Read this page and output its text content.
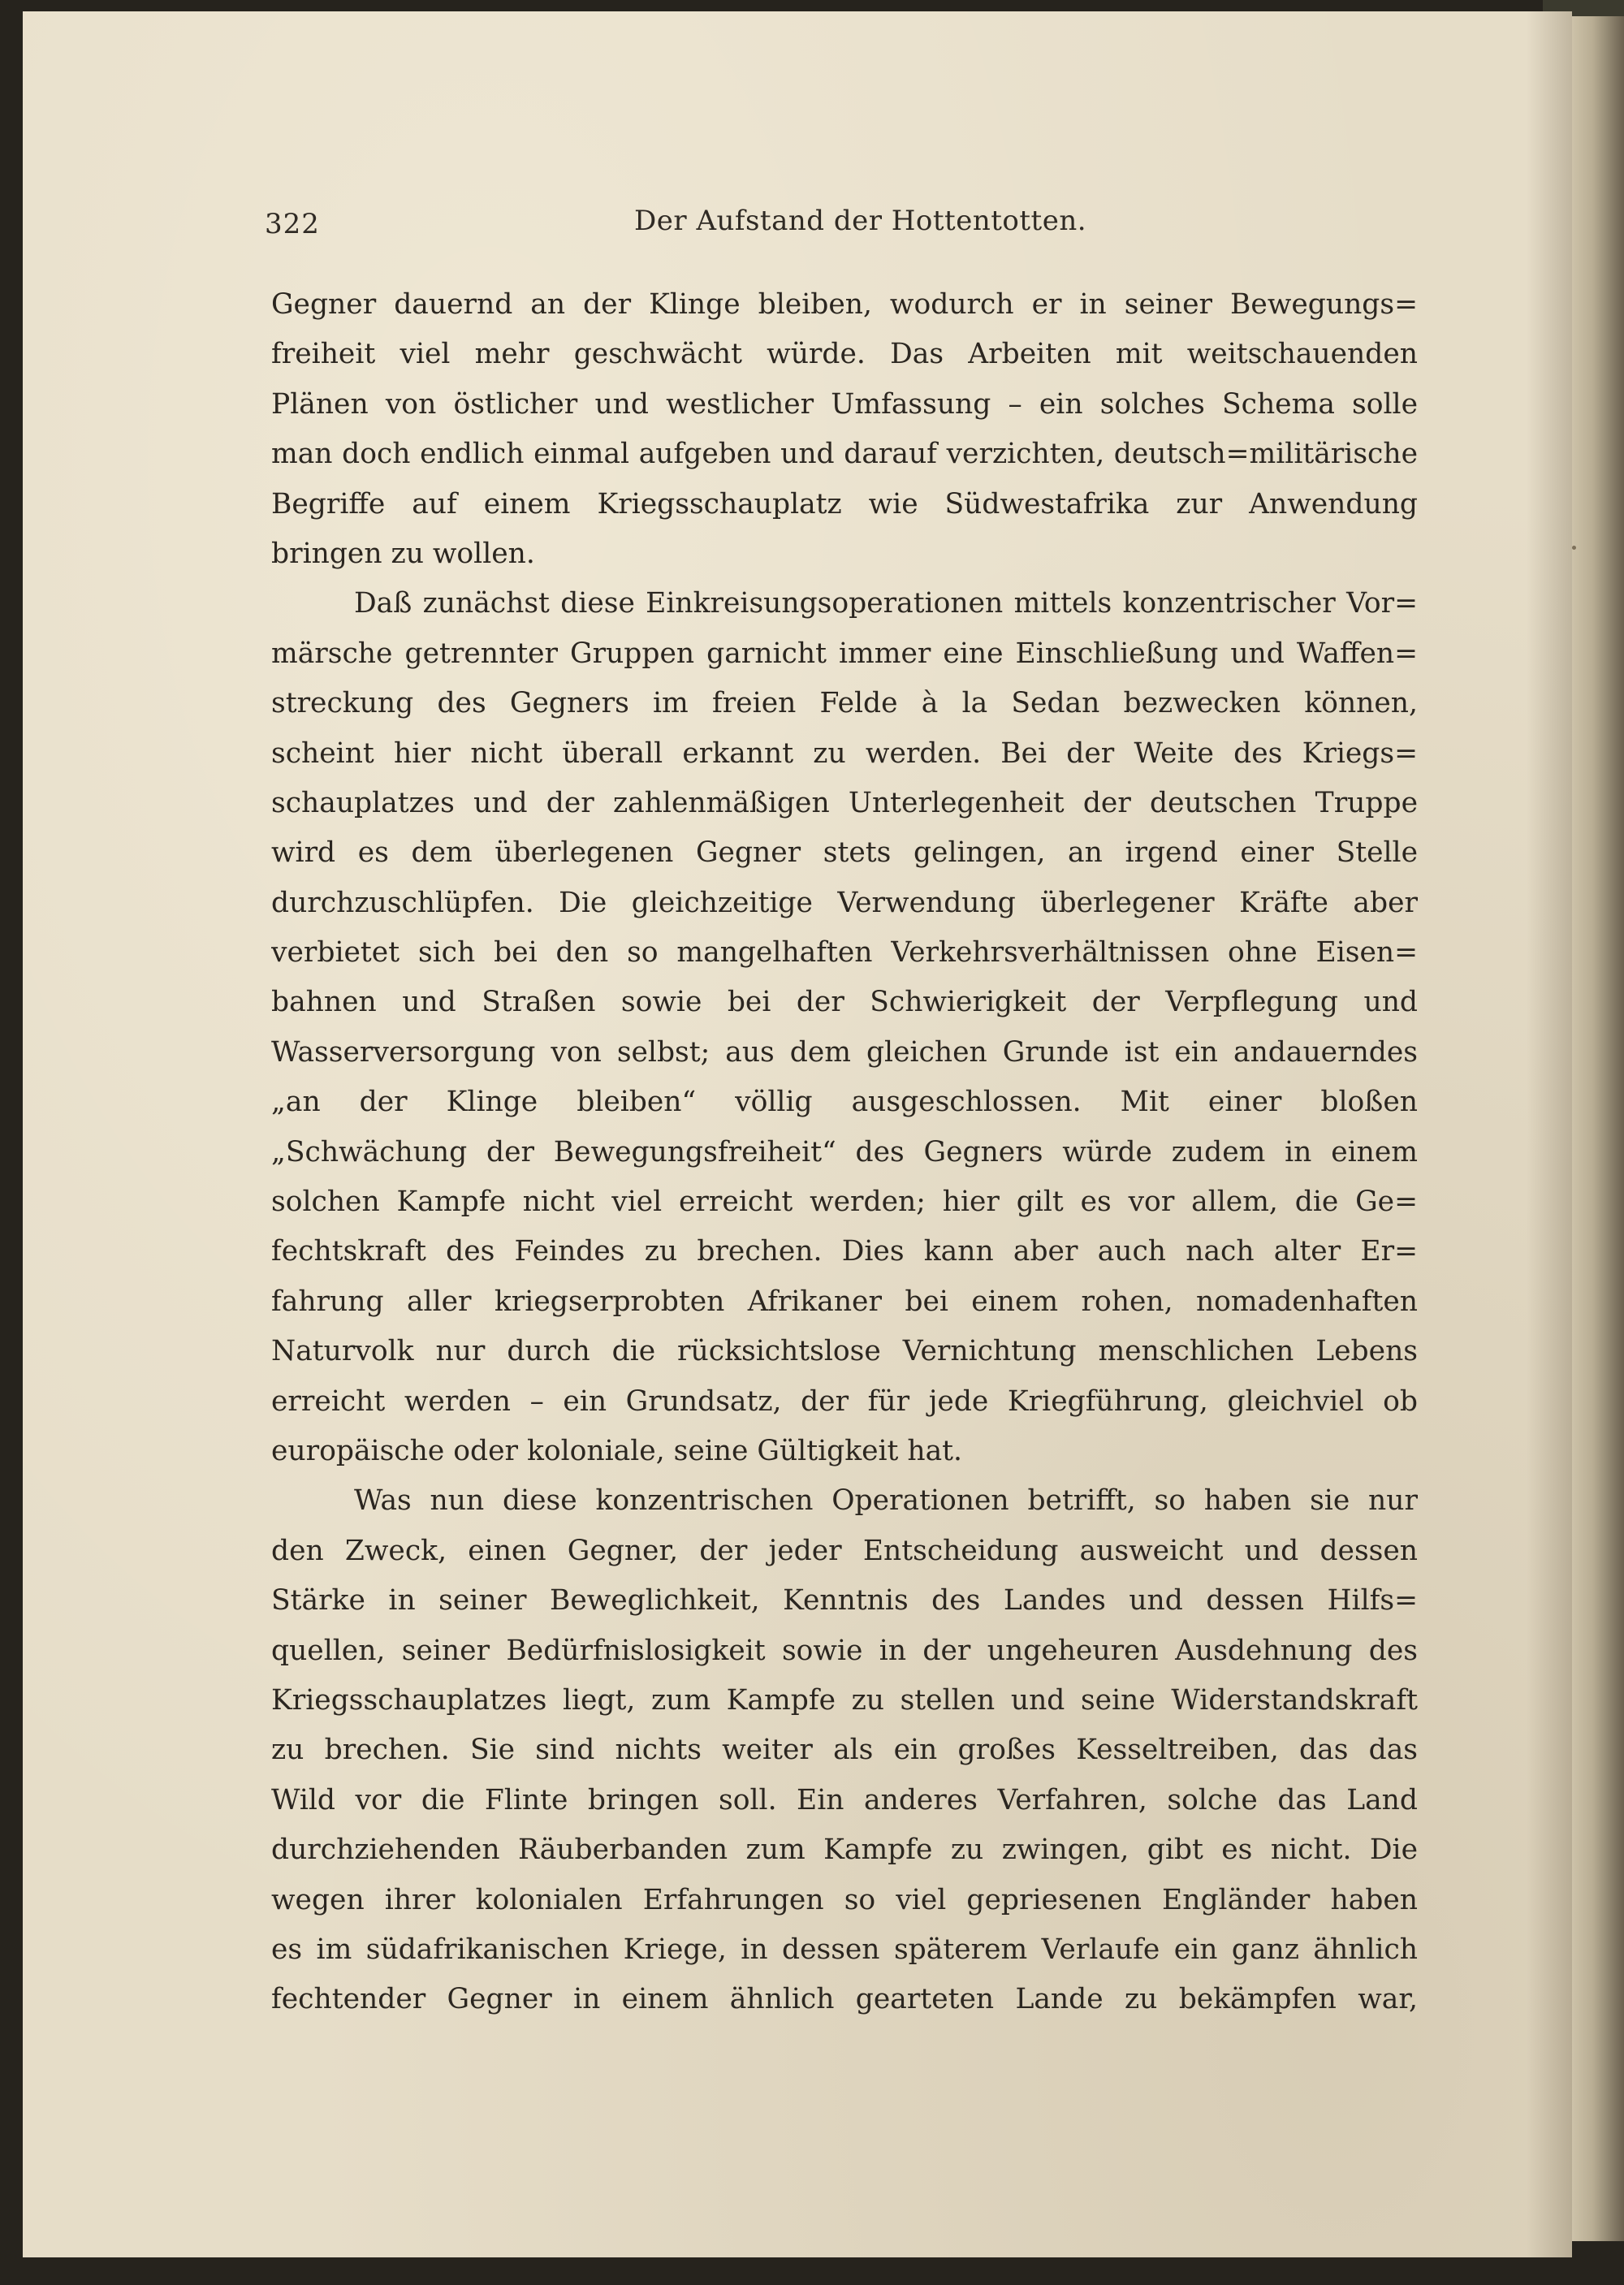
322	Der Aufstand der Hottentotten.
Gegner dauernd an der Klinge bleiben, wodurch er in seiner Bewegungs=
freiheit viel mehr geschwächt würde. Das Arbeiten mit weitschauenden
Plänen von östlicher und westlicher Umfassung – ein solches Schema solle
man doch endlich einmal aufgeben und darauf verzichten, deutsch=militärische
Begriffe auf einem Kriegsschauplatz wie Südwestafrika zur Anwendung
bringen zu wollen.
Daß zunächst diese Einkreisungsoperationen mittels konzentrischer Vor=
märsche getrennter Gruppen garnicht immer eine Einschließung und Waffen=
streckung des Gegners im freien Felde à la Sedan bezwecken können,
scheint hier nicht überall erkannt zu werden. Bei der Weite des Kriegs=
schauplatzes und der zahlenmäßigen Unterlegenheit der deutschen Truppe
wird es dem überlegenen Gegner stets gelingen, an irgend einer Stelle
durchzuschlüpfen. Die gleichzeitige Verwendung überlegener Kräfte aber
verbietet sich bei den so mangelhaften Verkehrsverhältnissen ohne Eisen=
bahnen und Straßen sowie bei der Schwierigkeit der Verpflegung und
Wasserversorgung von selbst; aus dem gleichen Grunde ist ein andauerndes
„an der Klinge bleiben“ völlig ausgeschlossen. Mit einer bloßen
„Schwächung der Bewegungsfreiheit“ des Gegners würde zudem in einem
solchen Kampfe nicht viel erreicht werden; hier gilt es vor allem, die Ge=
fechtskraft des Feindes zu brechen. Dies kann aber auch nach alter Er=
fahrung aller kriegserprobten Afrikaner bei einem rohen, nomadenhaften
Naturvolk nur durch die rücksichtslose Vernichtung menschlichen Lebens
erreicht werden – ein Grundsatz, der für jede Kriegführung, gleichviel ob
europäische oder koloniale, seine Gültigkeit hat.
Was nun diese konzentrischen Operationen betrifft, so haben sie nur
den Zweck, einen Gegner, der jeder Entscheidung ausweicht und dessen
Stärke in seiner Beweglichkeit, Kenntnis des Landes und dessen Hilfs=
quellen, seiner Bedürfnislosigkeit sowie in der ungeheuren Ausdehnung des
Kriegsschauplatzes liegt, zum Kampfe zu stellen und seine Widerstandskraft
zu brechen. Sie sind nichts weiter als ein großes Kesseltreiben, das das
Wild vor die Flinte bringen soll. Ein anderes Verfahren, solche das Land
durchziehenden Räuberbanden zum Kampfe zu zwingen, gibt es nicht. Die
wegen ihrer kolonialen Erfahrungen so viel gepriesenen Engländer haben
es im südafrikanischen Kriege, in dessen späterem Verlaufe ein ganz ähnlich
fechtender Gegner in einem ähnlich gearteten Lande zu bekämpfen war,
